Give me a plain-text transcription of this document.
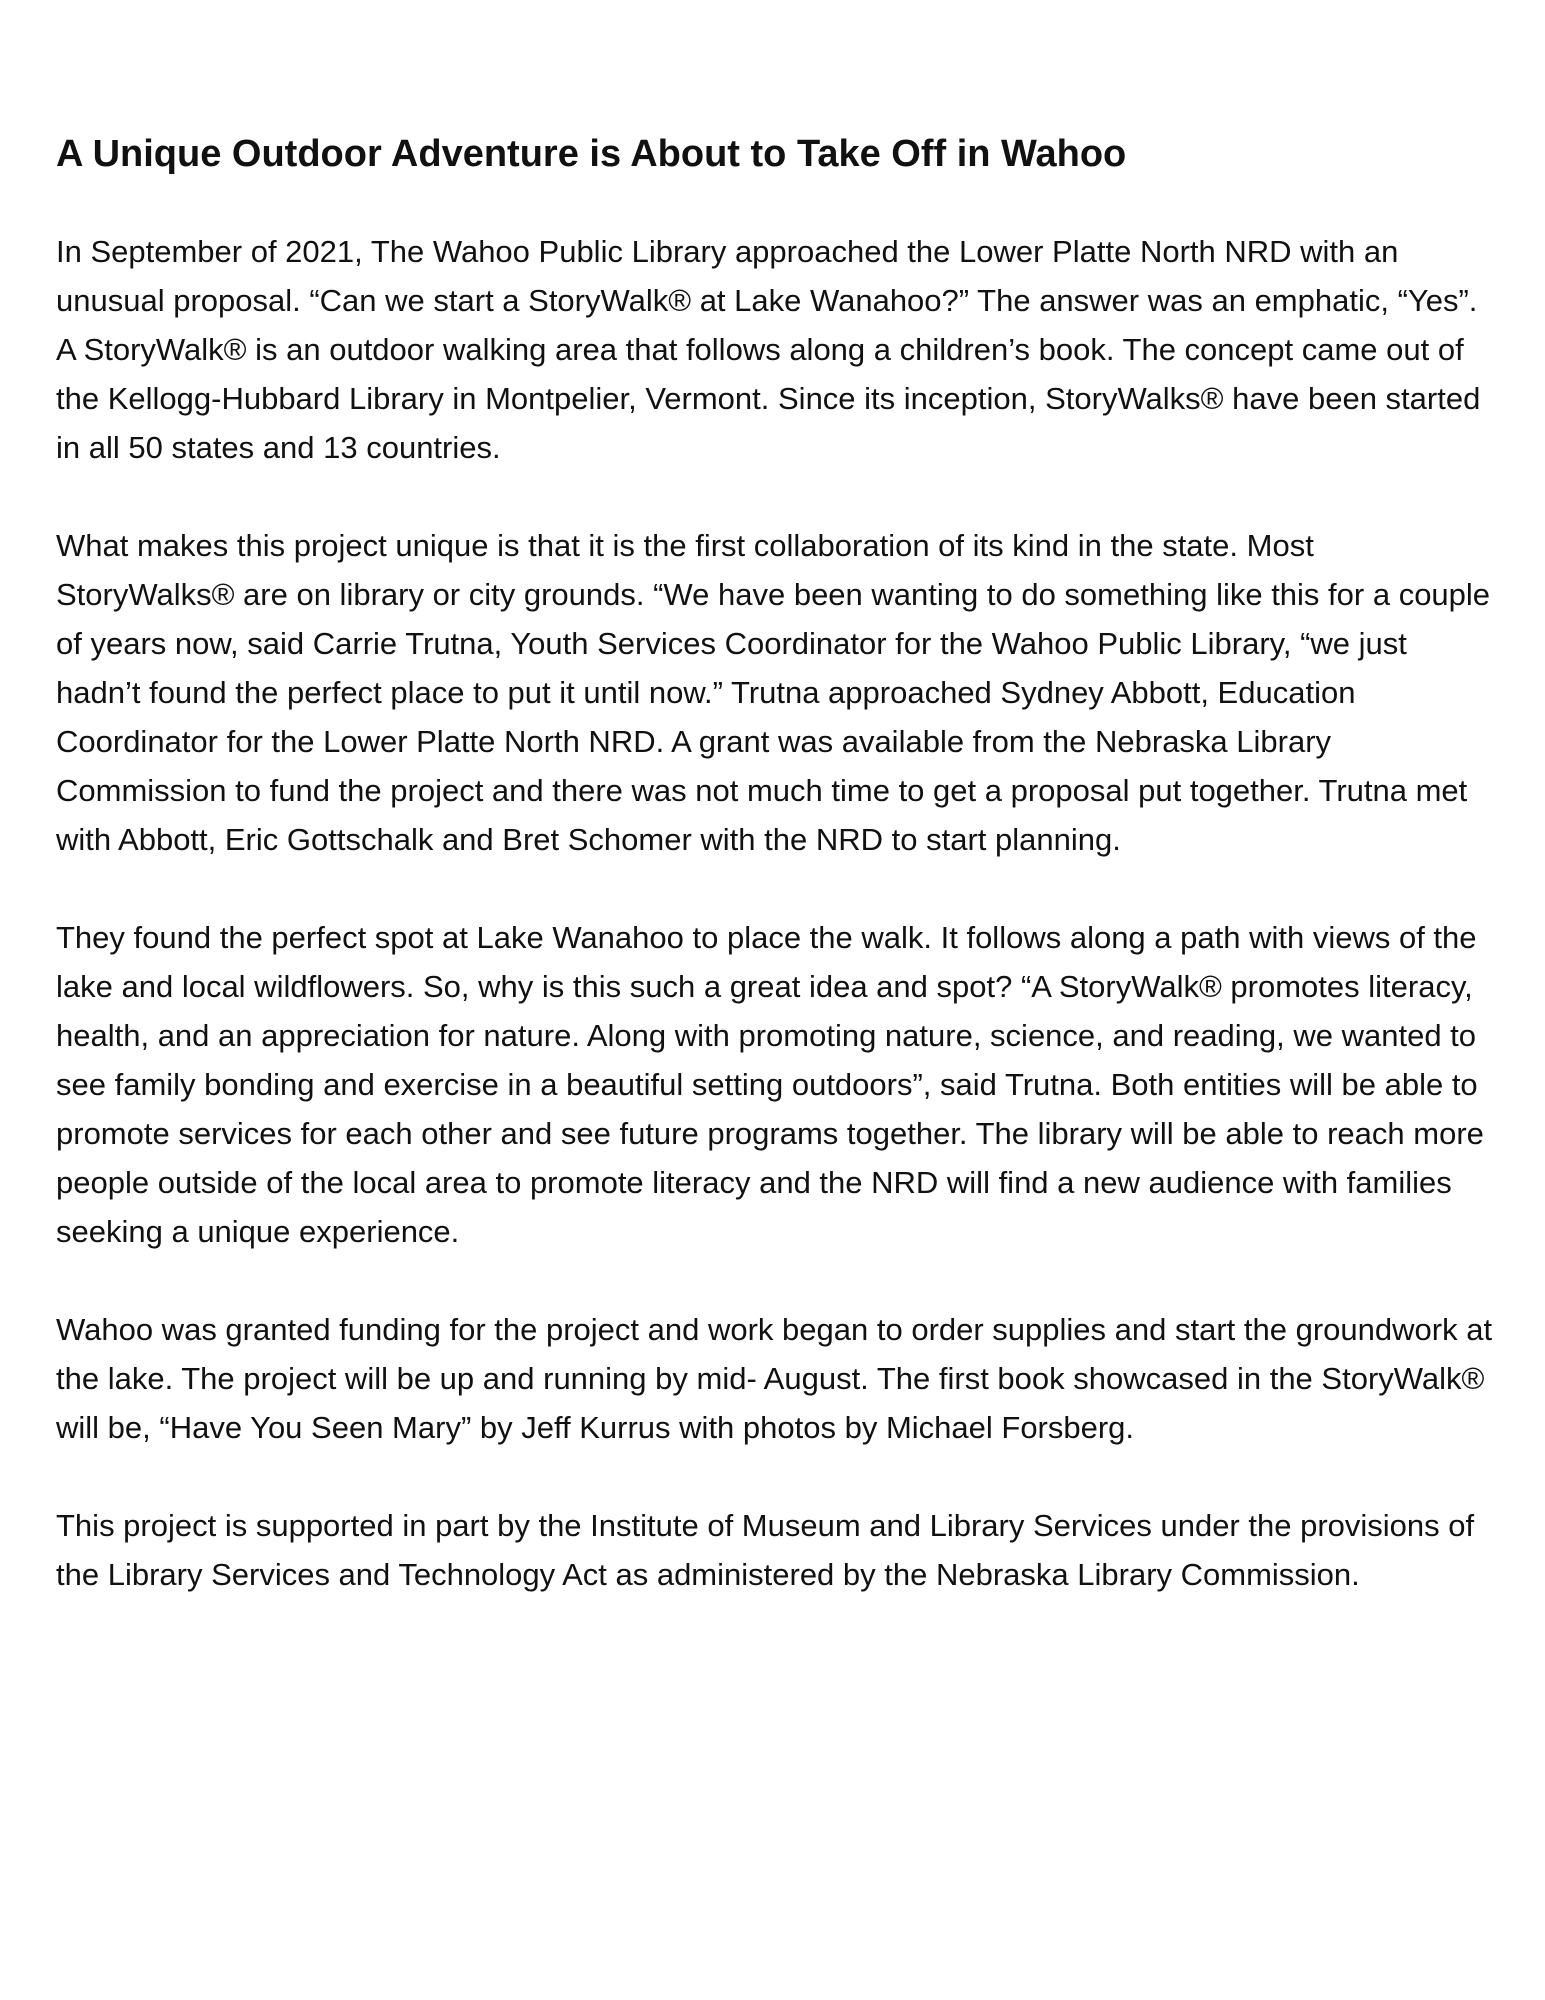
A Unique Outdoor Adventure is About to Take Off in Wahoo

In September of 2021, The Wahoo Public Library approached the Lower Platte North NRD with an unusual proposal. “Can we start a StoryWalk® at Lake Wanahoo?” The answer was an emphatic, “Yes”. A StoryWalk® is an outdoor walking area that follows along a children’s book. The concept came out of the Kellogg-Hubbard Library in Montpelier, Vermont. Since its inception, StoryWalks® have been started in all 50 states and 13 countries.

What makes this project unique is that it is the first collaboration of its kind in the state. Most StoryWalks® are on library or city grounds. “We have been wanting to do something like this for a couple of years now, said Carrie Trutna, Youth Services Coordinator for the Wahoo Public Library, “we just hadn’t found the perfect place to put it until now.” Trutna approached Sydney Abbott, Education Coordinator for the Lower Platte North NRD. A grant was available from the Nebraska Library Commission to fund the project and there was not much time to get a proposal put together. Trutna met with Abbott, Eric Gottschalk and Bret Schomer with the NRD to start planning.

They found the perfect spot at Lake Wanahoo to place the walk. It follows along a path with views of the lake and local wildflowers. So, why is this such a great idea and spot? “A StoryWalk® promotes literacy, health, and an appreciation for nature. Along with promoting nature, science, and reading, we wanted to see family bonding and exercise in a beautiful setting outdoors”, said Trutna. Both entities will be able to promote services for each other and see future programs together. The library will be able to reach more people outside of the local area to promote literacy and the NRD will find a new audience with families seeking a unique experience.

Wahoo was granted funding for the project and work began to order supplies and start the groundwork at the lake. The project will be up and running by mid- August. The first book showcased in the StoryWalk® will be, “Have You Seen Mary” by Jeff Kurrus with photos by Michael Forsberg.

This project is supported in part by the Institute of Museum and Library Services under the provisions of the Library Services and Technology Act as administered by the Nebraska Library Commission.
